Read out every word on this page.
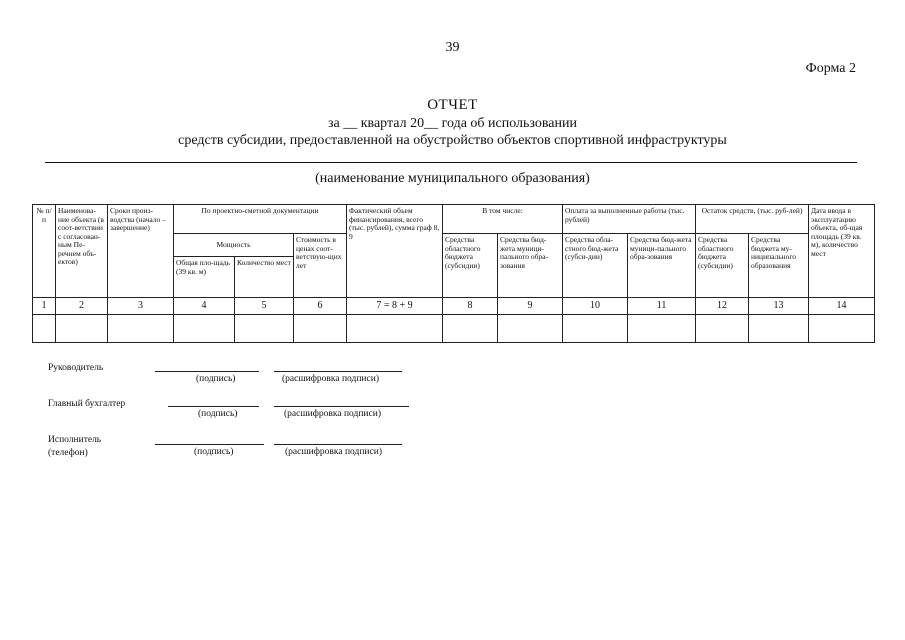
39
Форма 2
ОТЧЕТ
за __ квартал 20__ года об использовании
средств субсидии, предоставленной на обустройство объектов спортивной инфраструктуры
(наименование муниципального образования)
№ п/п	Наименова-ние объекта (в соот-ветствии с согласован-ным Пе-речнем объ-ектов)	Сроки произ-водства (начало – завершение)	По проектно-сметной документации			Фактический объем финансирования, всего (тыс. рублей), сумма граф 8, 9	В том числе:		Оплата за выполненные работы (тыс. рублей)		Остаток средств, (тыс. руб-лей)		Дата ввода в эксплуатацию объекта, об-щая площадь (39 кв. м), количество мест
			Мощность		Стоимость в ценах соот-ветствую-щих лет		Средства областного бюджета (субсидии)	Средства бюд-жета муници-пального обра-зования	Средства обла-стного бюд-жета (субси-дии)	Средства бюд-жета муници-пального обра-зования	Средства областного бюджета (субсидии)	Средства бюджета му-ниципального образования	
			Общая пло-щадь (39 кв. м)	Количество мест									
1	2	3	4	5	6	7 = 8 + 9	8	9	10	11	12	13	14

Руководитель
(подпись)	(расшифровка подписи)
Главный бухгалтер
(подпись)	(расшифровка подписи)
Исполнитель
(телефон)	(подпись)	(расшифровка подписи)
